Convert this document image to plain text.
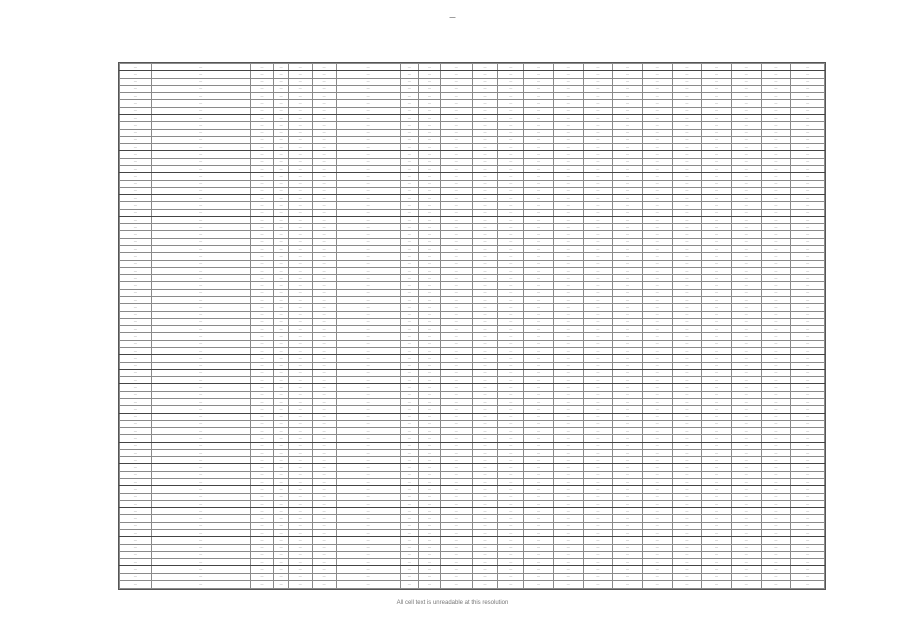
—
—	—	—	—	—	—	—	—	—	—	—	—	—	—	—	—	—	—	—	—	—	—
—	—	—	—	—	—	—	—	—	—	—	—	—	—	—	—	—	—	—	—	—	—
—	—	—	—	—	—	—	—	—	—	—	—	—	—	—	—	—	—	—	—	—	—
—	—	—	—	—	—	—	—	—	—	—	—	—	—	—	—	—	—	—	—	—	—
—	—	—	—	—	—	—	—	—	—	—	—	—	—	—	—	—	—	—	—	—	—
—	—	—	—	—	—	—	—	—	—	—	—	—	—	—	—	—	—	—	—	—	—
—	—	—	—	—	—	—	—	—	—	—	—	—	—	—	—	—	—	—	—	—	—
—	—	—	—	—	—	—	—	—	—	—	—	—	—	—	—	—	—	—	—	—	—
—	—	—	—	—	—	—	—	—	—	—	—	—	—	—	—	—	—	—	—	—	—
—	—	—	—	—	—	—	—	—	—	—	—	—	—	—	—	—	—	—	—	—	—
—	—	—	—	—	—	—	—	—	—	—	—	—	—	—	—	—	—	—	—	—	—
—	—	—	—	—	—	—	—	—	—	—	—	—	—	—	—	—	—	—	—	—	—
—	—	—	—	—	—	—	—	—	—	—	—	—	—	—	—	—	—	—	—	—	—
—	—	—	—	—	—	—	—	—	—	—	—	—	—	—	—	—	—	—	—	—	—
—	—	—	—	—	—	—	—	—	—	—	—	—	—	—	—	—	—	—	—	—	—
—	—	—	—	—	—	—	—	—	—	—	—	—	—	—	—	—	—	—	—	—	—
—	—	—	—	—	—	—	—	—	—	—	—	—	—	—	—	—	—	—	—	—	—
—	—	—	—	—	—	—	—	—	—	—	—	—	—	—	—	—	—	—	—	—	—
—	—	—	—	—	—	—	—	—	—	—	—	—	—	—	—	—	—	—	—	—	—
—	—	—	—	—	—	—	—	—	—	—	—	—	—	—	—	—	—	—	—	—	—
—	—	—	—	—	—	—	—	—	—	—	—	—	—	—	—	—	—	—	—	—	—
—	—	—	—	—	—	—	—	—	—	—	—	—	—	—	—	—	—	—	—	—	—
—	—	—	—	—	—	—	—	—	—	—	—	—	—	—	—	—	—	—	—	—	—
—	—	—	—	—	—	—	—	—	—	—	—	—	—	—	—	—	—	—	—	—	—
—	—	—	—	—	—	—	—	—	—	—	—	—	—	—	—	—	—	—	—	—	—
—	—	—	—	—	—	—	—	—	—	—	—	—	—	—	—	—	—	—	—	—	—
—	—	—	—	—	—	—	—	—	—	—	—	—	—	—	—	—	—	—	—	—	—
—	—	—	—	—	—	—	—	—	—	—	—	—	—	—	—	—	—	—	—	—	—
—	—	—	—	—	—	—	—	—	—	—	—	—	—	—	—	—	—	—	—	—	—
—	—	—	—	—	—	—	—	—	—	—	—	—	—	—	—	—	—	—	—	—	—
—	—	—	—	—	—	—	—	—	—	—	—	—	—	—	—	—	—	—	—	—	—
—	—	—	—	—	—	—	—	—	—	—	—	—	—	—	—	—	—	—	—	—	—
—	—	—	—	—	—	—	—	—	—	—	—	—	—	—	—	—	—	—	—	—	—
—	—	—	—	—	—	—	—	—	—	—	—	—	—	—	—	—	—	—	—	—	—
—	—	—	—	—	—	—	—	—	—	—	—	—	—	—	—	—	—	—	—	—	—
—	—	—	—	—	—	—	—	—	—	—	—	—	—	—	—	—	—	—	—	—	—
—	—	—	—	—	—	—	—	—	—	—	—	—	—	—	—	—	—	—	—	—	—
—	—	—	—	—	—	—	—	—	—	—	—	—	—	—	—	—	—	—	—	—	—
—	—	—	—	—	—	—	—	—	—	—	—	—	—	—	—	—	—	—	—	—	—
—	—	—	—	—	—	—	—	—	—	—	—	—	—	—	—	—	—	—	—	—	—
—	—	—	—	—	—	—	—	—	—	—	—	—	—	—	—	—	—	—	—	—	—
—	—	—	—	—	—	—	—	—	—	—	—	—	—	—	—	—	—	—	—	—	—
—	—	—	—	—	—	—	—	—	—	—	—	—	—	—	—	—	—	—	—	—	—
—	—	—	—	—	—	—	—	—	—	—	—	—	—	—	—	—	—	—	—	—	—
—	—	—	—	—	—	—	—	—	—	—	—	—	—	—	—	—	—	—	—	—	—
—	—	—	—	—	—	—	—	—	—	—	—	—	—	—	—	—	—	—	—	—	—
—	—	—	—	—	—	—	—	—	—	—	—	—	—	—	—	—	—	—	—	—	—
—	—	—	—	—	—	—	—	—	—	—	—	—	—	—	—	—	—	—	—	—	—
—	—	—	—	—	—	—	—	—	—	—	—	—	—	—	—	—	—	—	—	—	—
—	—	—	—	—	—	—	—	—	—	—	—	—	—	—	—	—	—	—	—	—	—
—	—	—	—	—	—	—	—	—	—	—	—	—	—	—	—	—	—	—	—	—	—
—	—	—	—	—	—	—	—	—	—	—	—	—	—	—	—	—	—	—	—	—	—
—	—	—	—	—	—	—	—	—	—	—	—	—	—	—	—	—	—	—	—	—	—
—	—	—	—	—	—	—	—	—	—	—	—	—	—	—	—	—	—	—	—	—	—
—	—	—	—	—	—	—	—	—	—	—	—	—	—	—	—	—	—	—	—	—	—
—	—	—	—	—	—	—	—	—	—	—	—	—	—	—	—	—	—	—	—	—	—
—	—	—	—	—	—	—	—	—	—	—	—	—	—	—	—	—	—	—	—	—	—
—	—	—	—	—	—	—	—	—	—	—	—	—	—	—	—	—	—	—	—	—	—
—	—	—	—	—	—	—	—	—	—	—	—	—	—	—	—	—	—	—	—	—	—
—	—	—	—	—	—	—	—	—	—	—	—	—	—	—	—	—	—	—	—	—	—
—	—	—	—	—	—	—	—	—	—	—	—	—	—	—	—	—	—	—	—	—	—
—	—	—	—	—	—	—	—	—	—	—	—	—	—	—	—	—	—	—	—	—	—
—	—	—	—	—	—	—	—	—	—	—	—	—	—	—	—	—	—	—	—	—	—
—	—	—	—	—	—	—	—	—	—	—	—	—	—	—	—	—	—	—	—	—	—
—	—	—	—	—	—	—	—	—	—	—	—	—	—	—	—	—	—	—	—	—	—
—	—	—	—	—	—	—	—	—	—	—	—	—	—	—	—	—	—	—	—	—	—
—	—	—	—	—	—	—	—	—	—	—	—	—	—	—	—	—	—	—	—	—	—
—	—	—	—	—	—	—	—	—	—	—	—	—	—	—	—	—	—	—	—	—	—
—	—	—	—	—	—	—	—	—	—	—	—	—	—	—	—	—	—	—	—	—	—
—	—	—	—	—	—	—	—	—	—	—	—	—	—	—	—	—	—	—	—	—	—
—	—	—	—	—	—	—	—	—	—	—	—	—	—	—	—	—	—	—	—	—	—
—	—	—	—	—	—	—	—	—	—	—	—	—	—	—	—	—	—	—	—	—	—
All cell text is unreadable at this resolution
